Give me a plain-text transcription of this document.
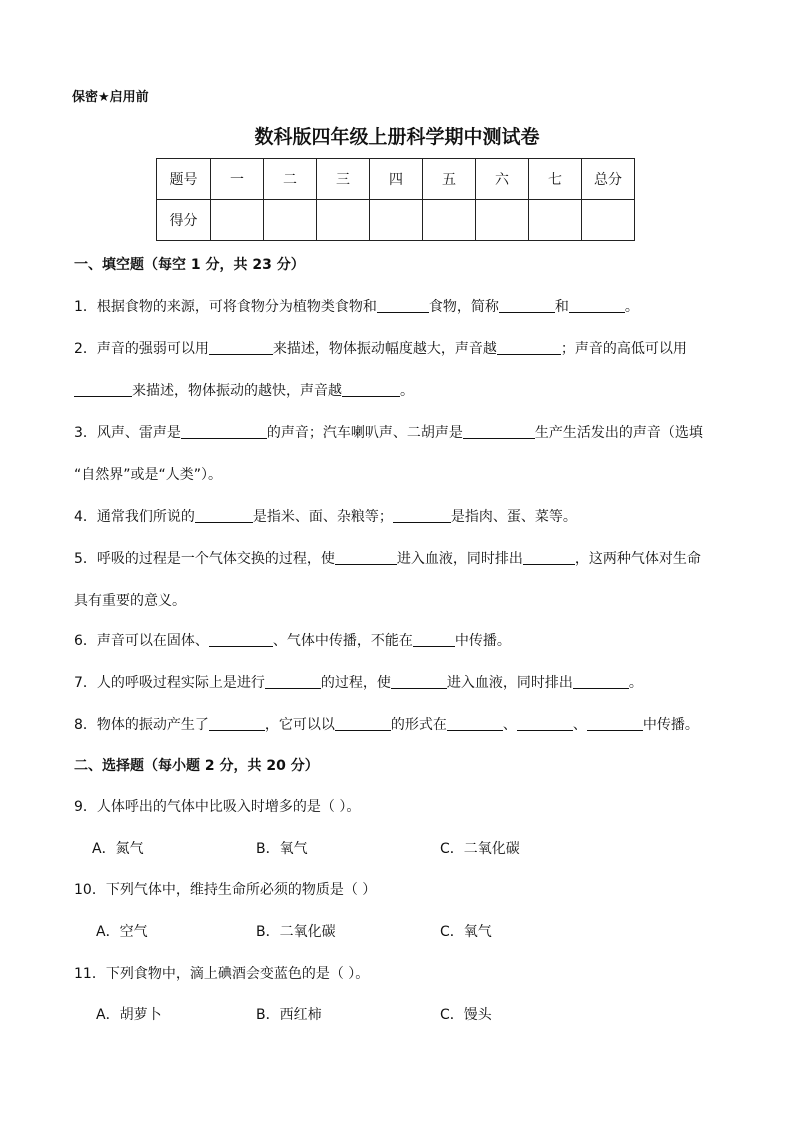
保密★启用前
数科版四年级上册科学期中测试卷
题号	一	二	三	四	五	六	七	总分
得分								
一、填空题（每空 1 分，共 23 分）
1．根据食物的来源，可将食物分为植物类食物和	食物，简称	和	。
2．声音的强弱可以用	来描述，物体振动幅度越大，声音越	；声音的高低可以用
来描述，物体振动的越快，声音越	。
3．风声、雷声是	的声音；汽车喇叭声、二胡声是	生产生活发出的声音（选填
“自然界”或是“人类”）。
4．通常我们所说的	是指米、面、杂粮等；	是指肉、蛋、菜等。
5．呼吸的过程是一个气体交换的过程，使	进入血液，同时排出	，这两种气体对生命
具有重要的意义。
6．声音可以在固体、	、气体中传播，不能在	中传播。
7．人的呼吸过程实际上是进行	的过程，使	进入血液，同时排出	。
8．物体的振动产生了	，它可以以	的形式在	、	、	中传播。
二、选择题（每小题 2 分，共 20 分）
9．人体呼出的气体中比吸入时增多的是（ ）。
A．氮气	B．氧气	C．二氧化碳
10．下列气体中，维持生命所必须的物质是（ ）
A．空气	B．二氧化碳	C．氧气
11．下列食物中，滴上碘酒会变蓝色的是（ ）。
A．胡萝卜	B．西红柿	C．馒头
